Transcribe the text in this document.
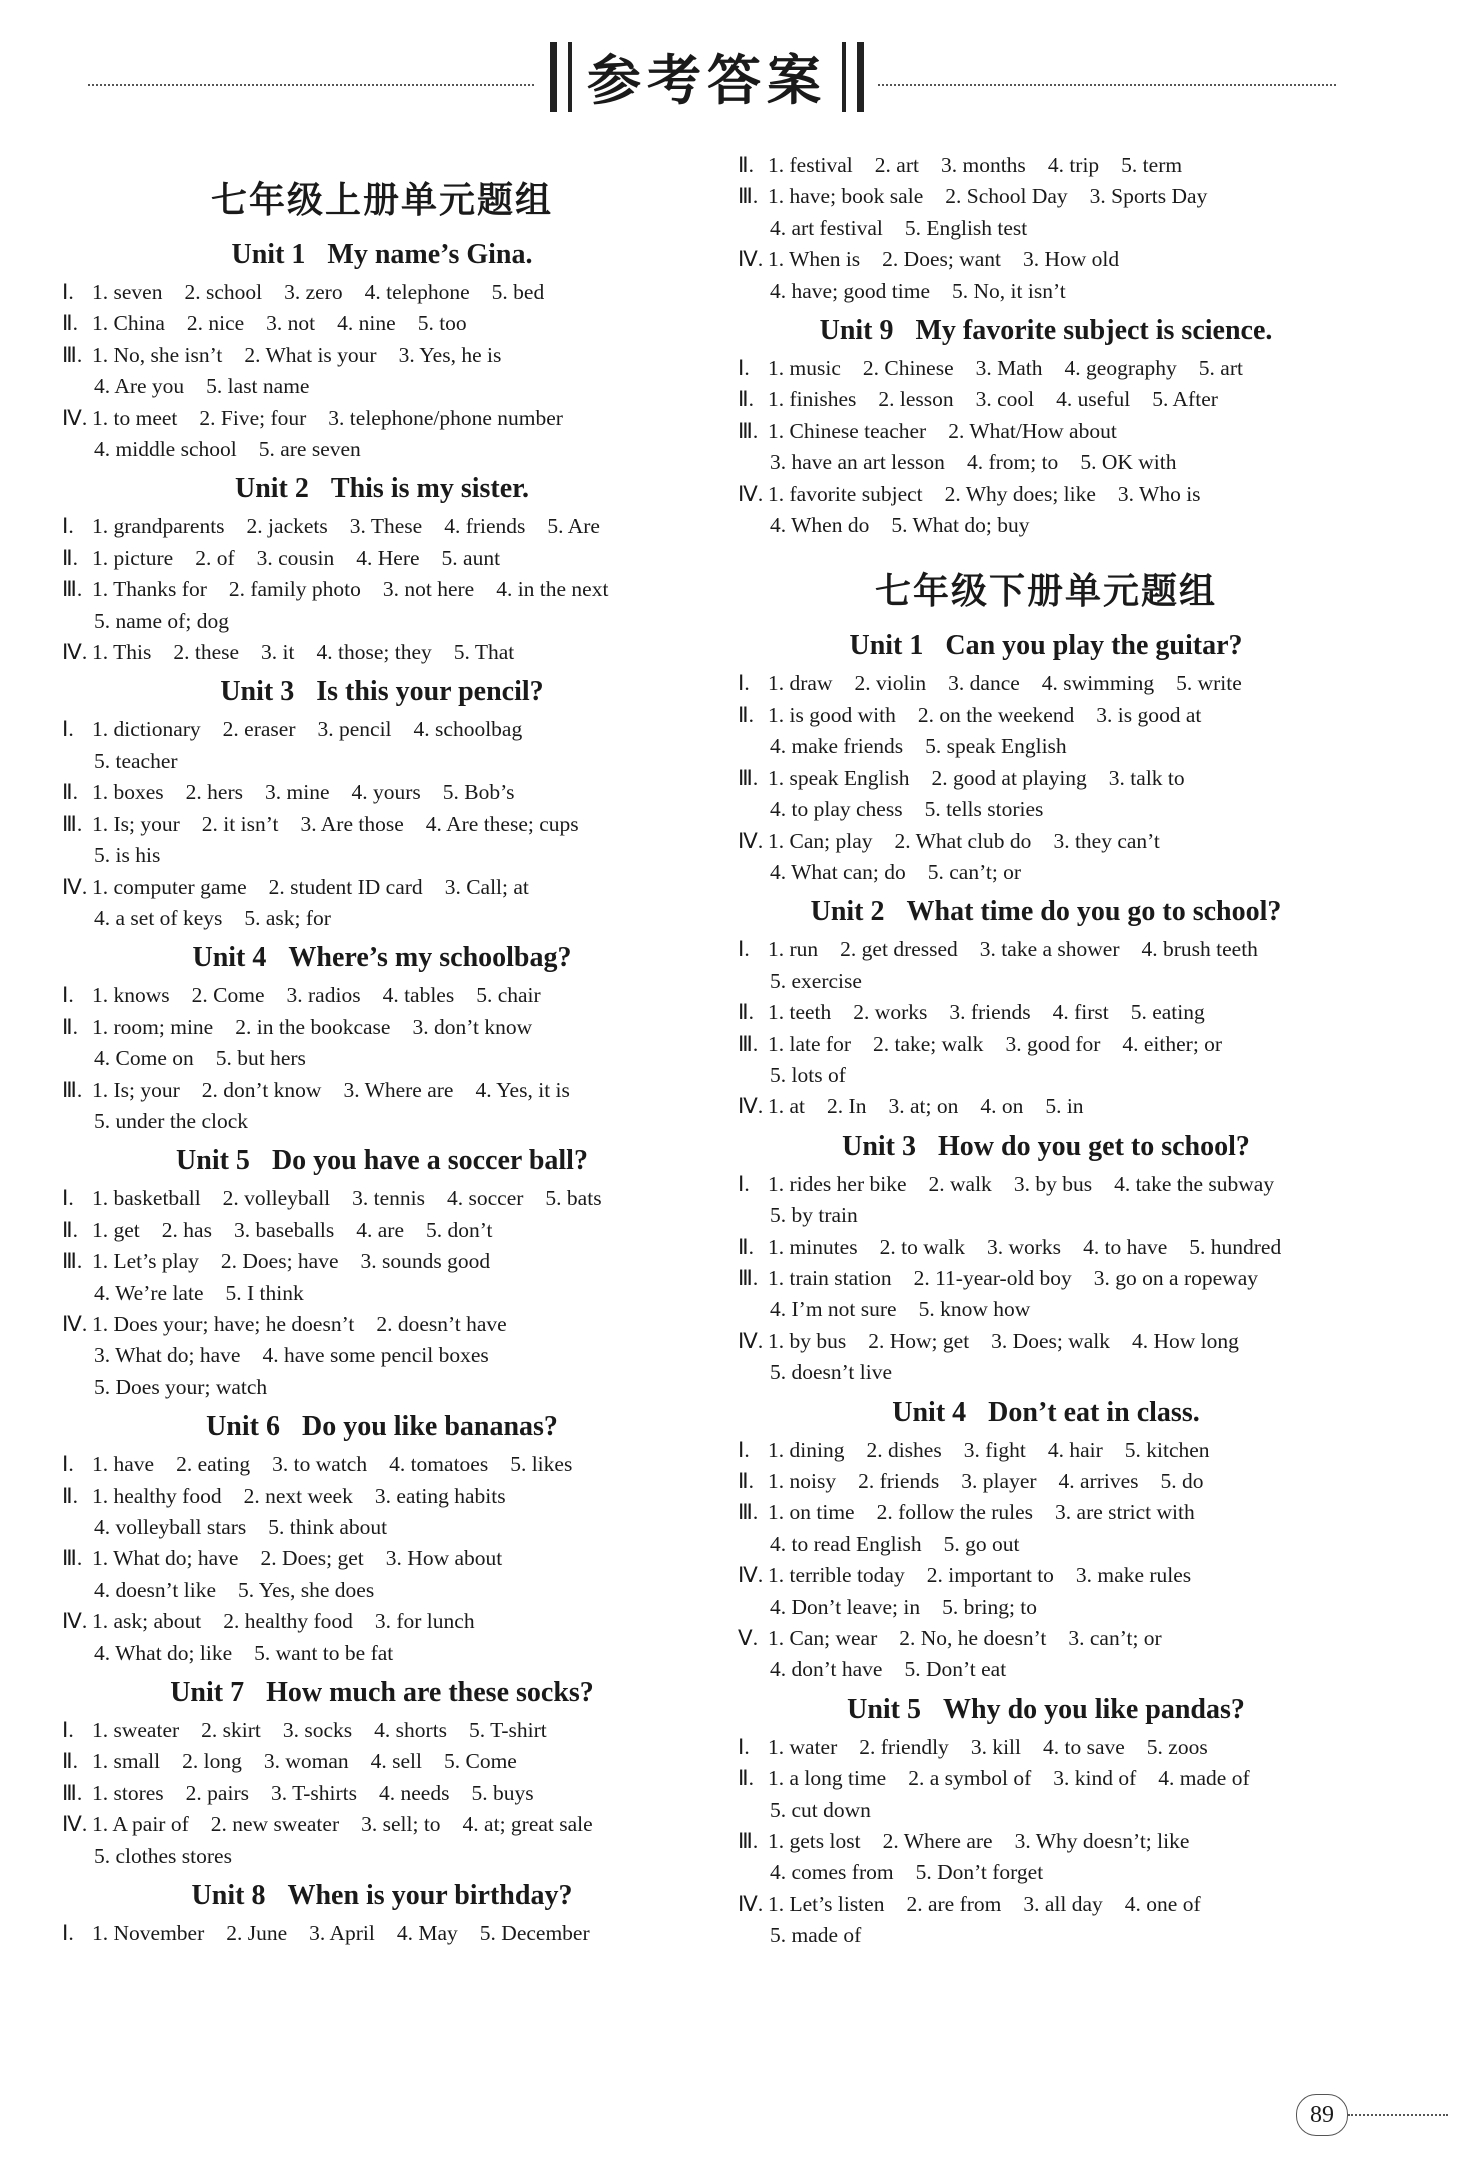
参考答案
七年级上册单元题组
Unit 1 My name’s Gina.
Ⅰ. 1. seven 2. school 3. zero 4. telephone 5. bed
Ⅱ. 1. China 2. nice 3. not 4. nine 5. too
Ⅲ. 1. No, she isn’t 2. What is your 3. Yes, he is
4. Are you 5. last name
Ⅳ. 1. to meet 2. Five; four 3. telephone/phone number
4. middle school 5. are seven
Unit 2 This is my sister.
Ⅰ. 1. grandparents 2. jackets 3. These 4. friends 5. Are
Ⅱ. 1. picture 2. of 3. cousin 4. Here 5. aunt
Ⅲ. 1. Thanks for 2. family photo 3. not here 4. in the next
5. name of; dog
Ⅳ. 1. This 2. these 3. it 4. those; they 5. That
Unit 3 Is this your pencil?
Ⅰ. 1. dictionary 2. eraser 3. pencil 4. schoolbag
5. teacher
Ⅱ. 1. boxes 2. hers 3. mine 4. yours 5. Bob’s
Ⅲ. 1. Is; your 2. it isn’t 3. Are those 4. Are these; cups
5. is his
Ⅳ. 1. computer game 2. student ID card 3. Call; at
4. a set of keys 5. ask; for
Unit 4 Where’s my schoolbag?
Ⅰ. 1. knows 2. Come 3. radios 4. tables 5. chair
Ⅱ. 1. room; mine 2. in the bookcase 3. don’t know
4. Come on 5. but hers
Ⅲ. 1. Is; your 2. don’t know 3. Where are 4. Yes, it is
5. under the clock
Unit 5 Do you have a soccer ball?
Ⅰ. 1. basketball 2. volleyball 3. tennis 4. soccer 5. bats
Ⅱ. 1. get 2. has 3. baseballs 4. are 5. don’t
Ⅲ. 1. Let’s play 2. Does; have 3. sounds good
4. We’re late 5. I think
Ⅳ. 1. Does your; have; he doesn’t 2. doesn’t have
3. What do; have 4. have some pencil boxes
5. Does your; watch
Unit 6 Do you like bananas?
Ⅰ. 1. have 2. eating 3. to watch 4. tomatoes 5. likes
Ⅱ. 1. healthy food 2. next week 3. eating habits
4. volleyball stars 5. think about
Ⅲ. 1. What do; have 2. Does; get 3. How about
4. doesn’t like 5. Yes, she does
Ⅳ. 1. ask; about 2. healthy food 3. for lunch
4. What do; like 5. want to be fat
Unit 7 How much are these socks?
Ⅰ. 1. sweater 2. skirt 3. socks 4. shorts 5. T-shirt
Ⅱ. 1. small 2. long 3. woman 4. sell 5. Come
Ⅲ. 1. stores 2. pairs 3. T-shirts 4. needs 5. buys
Ⅳ. 1. A pair of 2. new sweater 3. sell; to 4. at; great sale
5. clothes stores
Unit 8 When is your birthday?
Ⅰ. 1. November 2. June 3. April 4. May 5. December
Ⅱ. 1. festival 2. art 3. months 4. trip 5. term
Ⅲ. 1. have; book sale 2. School Day 3. Sports Day
4. art festival 5. English test
Ⅳ. 1. When is 2. Does; want 3. How old
4. have; good time 5. No, it isn’t
Unit 9 My favorite subject is science.
Ⅰ. 1. music 2. Chinese 3. Math 4. geography 5. art
Ⅱ. 1. finishes 2. lesson 3. cool 4. useful 5. After
Ⅲ. 1. Chinese teacher 2. What/How about
3. have an art lesson 4. from; to 5. OK with
Ⅳ. 1. favorite subject 2. Why does; like 3. Who is
4. When do 5. What do; buy
七年级下册单元题组
Unit 1 Can you play the guitar?
Ⅰ. 1. draw 2. violin 3. dance 4. swimming 5. write
Ⅱ. 1. is good with 2. on the weekend 3. is good at
4. make friends 5. speak English
Ⅲ. 1. speak English 2. good at playing 3. talk to
4. to play chess 5. tells stories
Ⅳ. 1. Can; play 2. What club do 3. they can’t
4. What can; do 5. can’t; or
Unit 2 What time do you go to school?
Ⅰ. 1. run 2. get dressed 3. take a shower 4. brush teeth
5. exercise
Ⅱ. 1. teeth 2. works 3. friends 4. first 5. eating
Ⅲ. 1. late for 2. take; walk 3. good for 4. either; or
5. lots of
Ⅳ. 1. at 2. In 3. at; on 4. on 5. in
Unit 3 How do you get to school?
Ⅰ. 1. rides her bike 2. walk 3. by bus 4. take the subway
5. by train
Ⅱ. 1. minutes 2. to walk 3. works 4. to have 5. hundred
Ⅲ. 1. train station 2. 11-year-old boy 3. go on a ropeway
4. I’m not sure 5. know how
Ⅳ. 1. by bus 2. How; get 3. Does; walk 4. How long
5. doesn’t live
Unit 4 Don’t eat in class.
Ⅰ. 1. dining 2. dishes 3. fight 4. hair 5. kitchen
Ⅱ. 1. noisy 2. friends 3. player 4. arrives 5. do
Ⅲ. 1. on time 2. follow the rules 3. are strict with
4. to read English 5. go out
Ⅳ. 1. terrible today 2. important to 3. make rules
4. Don’t leave; in 5. bring; to
Ⅴ. 1. Can; wear 2. No, he doesn’t 3. can’t; or
4. don’t have 5. Don’t eat
Unit 5 Why do you like pandas?
Ⅰ. 1. water 2. friendly 3. kill 4. to save 5. zoos
Ⅱ. 1. a long time 2. a symbol of 3. kind of 4. made of
5. cut down
Ⅲ. 1. gets lost 2. Where are 3. Why doesn’t; like
4. comes from 5. Don’t forget
Ⅳ. 1. Let’s listen 2. are from 3. all day 4. one of
5. made of
89
